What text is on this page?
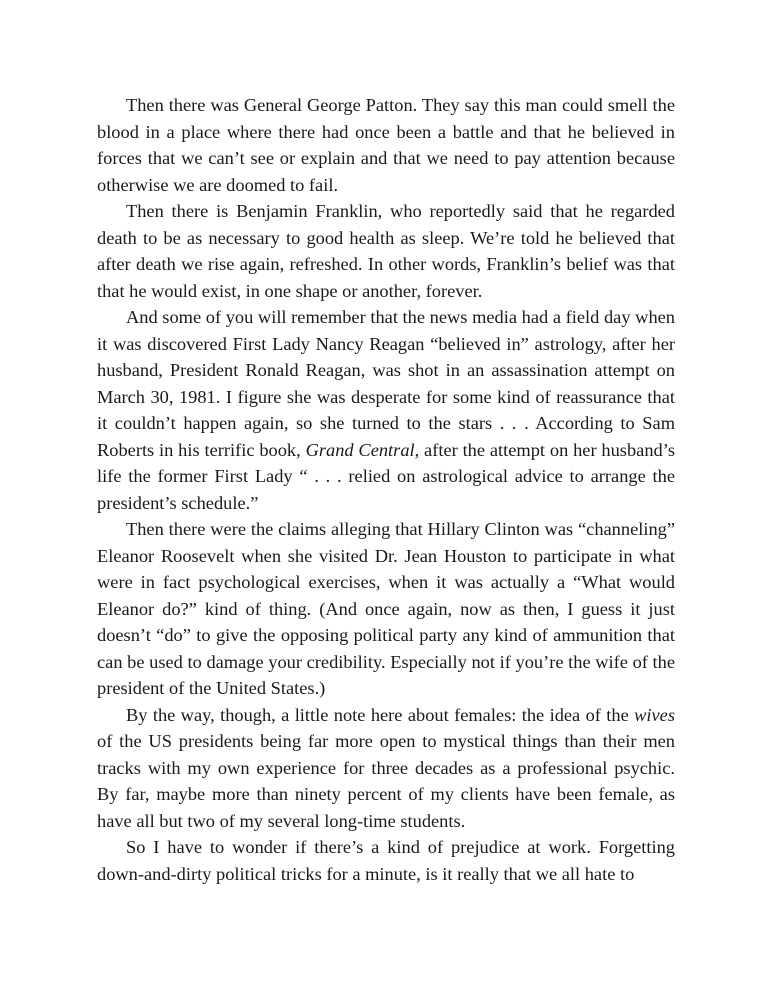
Then there was General George Patton. They say this man could smell the blood in a place where there had once been a battle and that he believed in forces that we can’t see or explain and that we need to pay attention because otherwise we are doomed to fail.

Then there is Benjamin Franklin, who reportedly said that he regarded death to be as necessary to good health as sleep. We’re told he believed that after death we rise again, refreshed. In other words, Franklin’s belief was that that he would exist, in one shape or another, forever.

And some of you will remember that the news media had a field day when it was discovered First Lady Nancy Reagan “believed in” astrology, after her husband, President Ronald Reagan, was shot in an assassination attempt on March 30, 1981. I figure she was desperate for some kind of reassurance that it couldn’t happen again, so she turned to the stars . . . According to Sam Roberts in his terrific book, Grand Central, after the attempt on her husband’s life the former First Lady “ . . . relied on astrological advice to arrange the president’s schedule.”

Then there were the claims alleging that Hillary Clinton was “channeling” Eleanor Roosevelt when she visited Dr. Jean Houston to participate in what were in fact psychological exercises, when it was actually a “What would Eleanor do?” kind of thing. (And once again, now as then, I guess it just doesn’t “do” to give the opposing political party any kind of ammunition that can be used to damage your credibility. Especially not if you’re the wife of the president of the United States.)

By the way, though, a little note here about females: the idea of the wives of the US presidents being far more open to mystical things than their men tracks with my own experience for three decades as a professional psychic. By far, maybe more than ninety percent of my clients have been female, as have all but two of my several long-time students.

So I have to wonder if there’s a kind of prejudice at work. Forgetting down-and-dirty political tricks for a minute, is it really that we all hate to
